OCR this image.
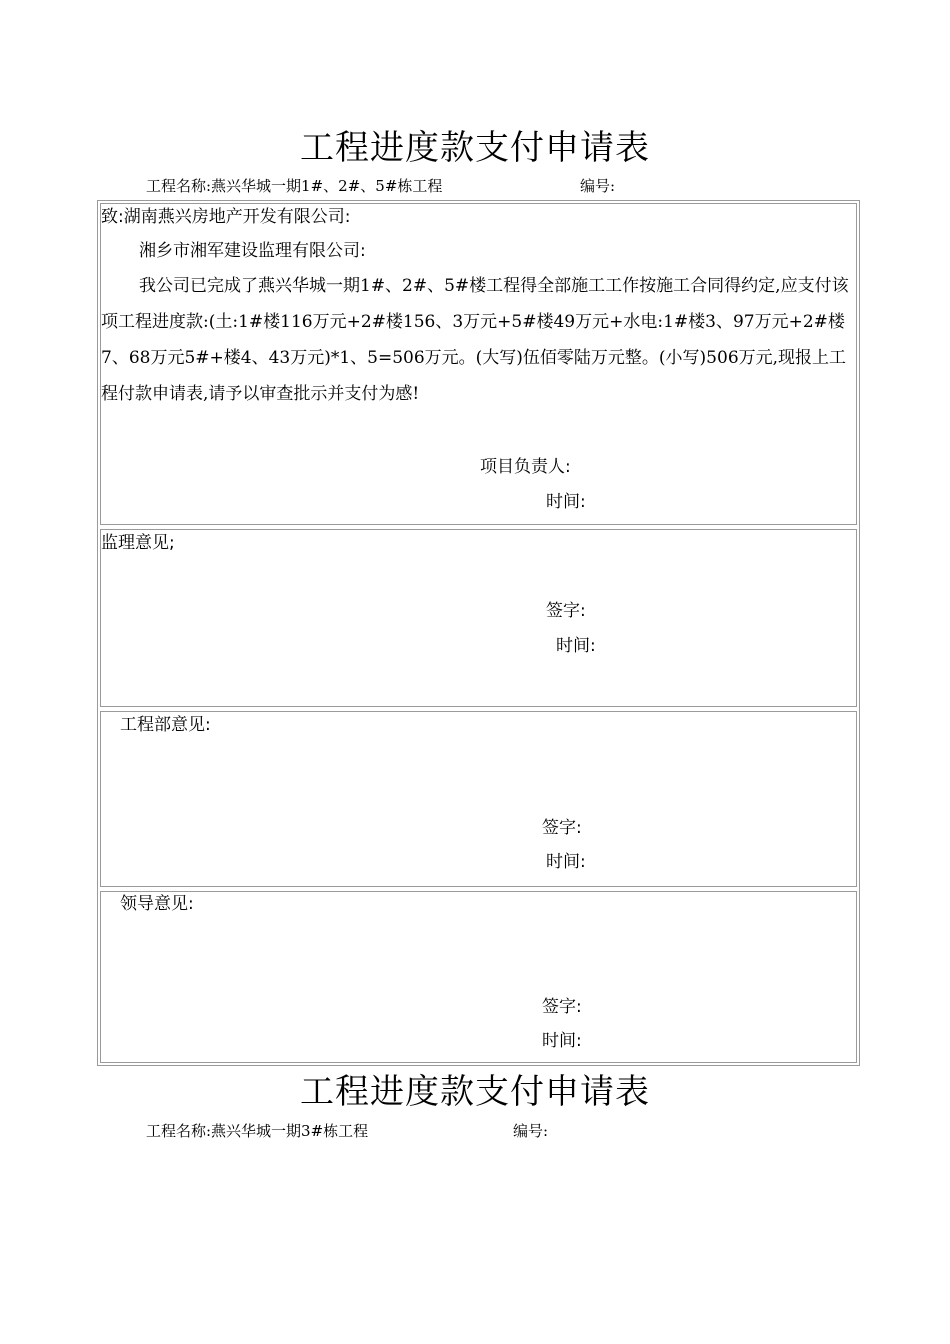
工程进度款支付申请表
工程名称:燕兴华城一期1#、2#、5#栋工程	编号:
致:湖南燕兴房地产开发有限公司:
湘乡市湘军建设监理有限公司:
我公司已完成了燕兴华城一期1#、2#、5#楼工程得全部施工工作按施工合同得约定,应支付该项工程进度款:(土:1#楼116万元+2#楼156、3万元+5#楼49万元+水电:1#楼3、97万元+2#楼7、68万元5#+楼4、43万元)*1、5=506万元。(大写)伍佰零陆万元整。(小写)506万元,现报上工程付款申请表,请予以审查批示并支付为感!
项目负责人:
时间:
监理意见;
签字:
时间:
工程部意见:
签字:
时间:
领导意见:
签字:
时间:
工程进度款支付申请表
工程名称:燕兴华城一期3#栋工程	编号:
